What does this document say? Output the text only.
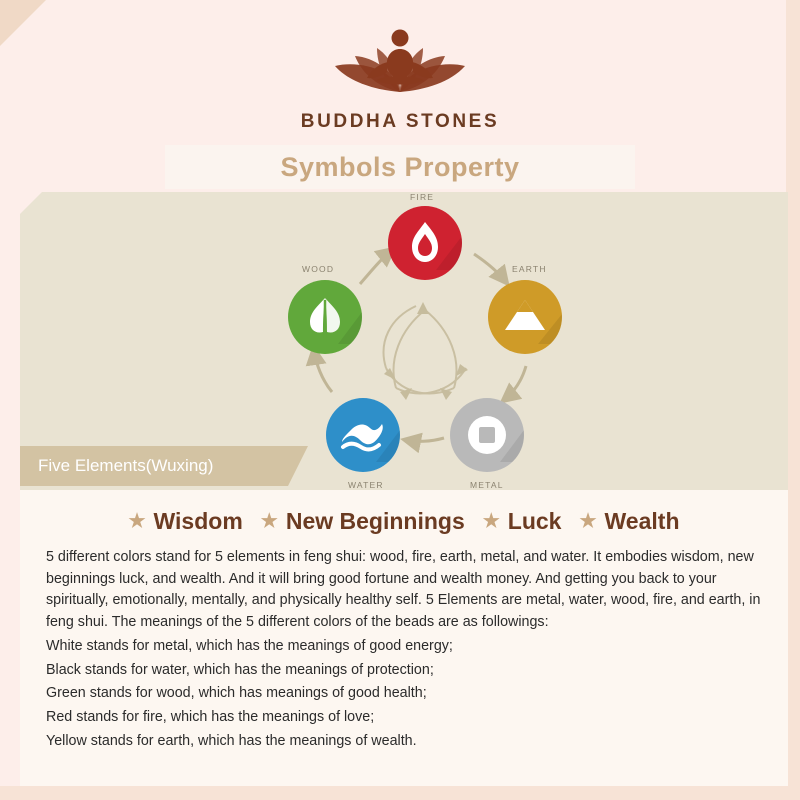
BUDDHA STONES
Symbols Property
FIRE
EARTH
METAL
WATER
WOOD
Five Elements(Wuxing)
★ Wisdom ★ New Beginnings ★ Luck ★ Wealth
5 different colors stand for 5 elements in feng shui: wood, fire, earth, metal, and water. It embodies wisdom, new beginnings luck, and wealth. And it will bring good fortune and wealth money. And getting you back to your spiritually, emotionally, mentally, and physically healthy self. 5 Elements are metal, water, wood, fire, and earth, in feng shui. The meanings of the 5 different colors of the beads are as followings:
White stands for metal, which has the meanings of good energy;
Black stands for water, which has the meanings of protection;
Green stands for wood, which has meanings of good health;
Red stands for fire, which has the meanings of love;
Yellow stands for earth, which has the meanings of wealth.
